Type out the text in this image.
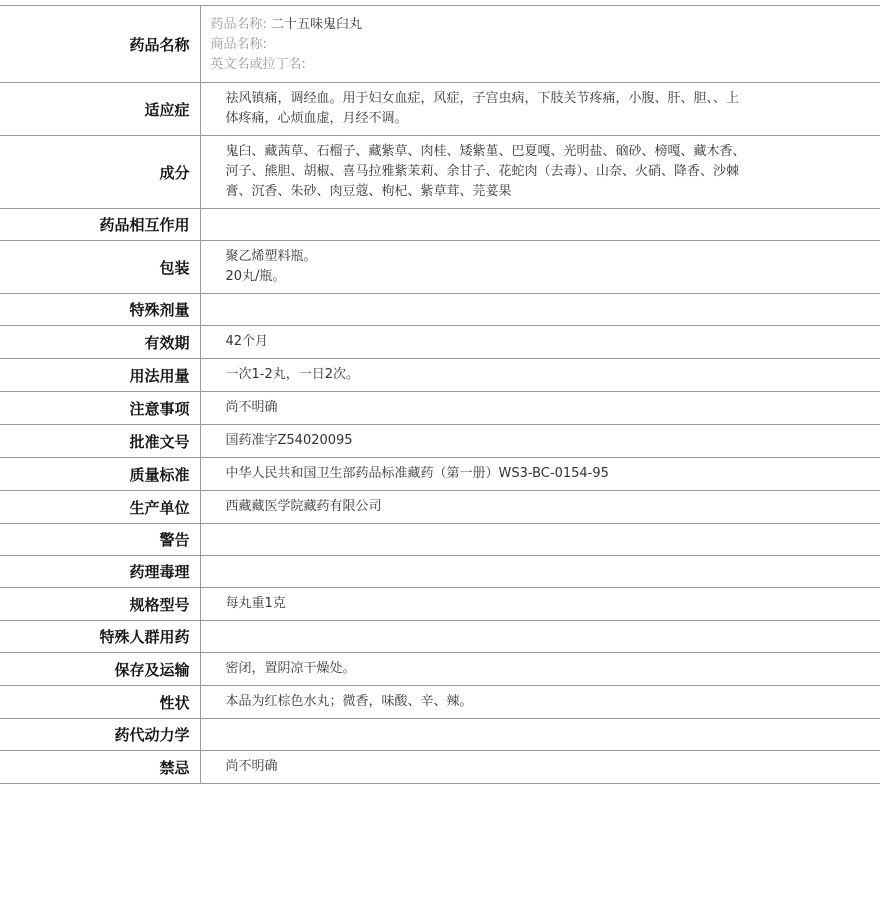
药品名称	药品名称: 二十五味鬼臼丸
商品名称:
英文名或拉丁名:

适应症	祛风镇痛，调经血。用于妇女血症，风症，子宫虫病，下肢关节疼痛，小腹、肝、胆、、上
体疼痛，心烦血虚，月经不调。

成分	鬼臼、藏茜草、石榴子、藏紫草、肉桂、矮紫堇、巴夏嘎、光明盐、硇砂、榜嘎、藏木香、
河子、熊胆、胡椒、喜马拉雅紫茉莉、余甘子、花蛇肉（去毒）、山奈、火硝、降香、沙棘
膏、沉香、朱砂、肉豆蔻、枸杞、紫草茸、芫荽果

药品相互作用	
包装	聚乙烯塑料瓶。
20丸/瓶。

特殊剂量	
有效期	42个月

用法用量	一次1-2丸，一日2次。

注意事项	尚不明确

批准文号	国药准字Z54020095

质量标准	中华人民共和国卫生部药品标准藏药（第一册）WS3-BC-0154-95

生产单位	西藏藏医学院藏药有限公司

警告	
药理毒理	
规格型号	每丸重1克

特殊人群用药	
保存及运输	密闭，置阴凉干燥处。

性状	本品为红棕色水丸；微香，味酸、辛、辣。

药代动力学	
禁忌	尚不明确
